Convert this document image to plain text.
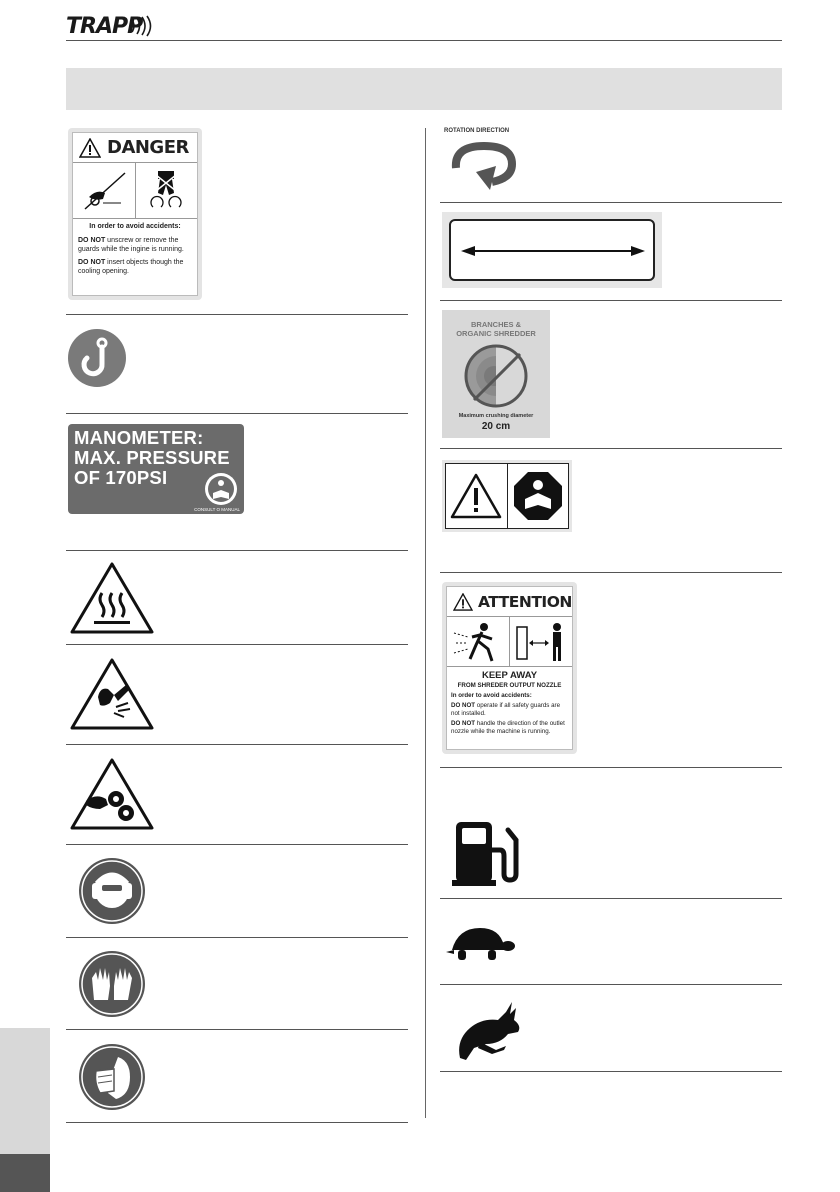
TRAPP
DANGER
In order to avoid accidents:

DO NOT unscrew or remove the guards while the ingine is running.

DO NOT insert objects though the cooling opening.

MANOMETER:
MAX. PRESSURE
OF 170PSI
CONSULT O MANUAL
ROTATION DIRECTION
BRANCHES &
ORGANIC SHREDDER
Maximum crushing diameter
20 cm
ATTENTION
KEEP AWAY
FROM SHREDER OUTPUT NOZZLE
In order to avoid accidents:

DO NOT operate if all safety guards are not installed.

DO NOT handle the direction of the outlet nozzle while the machine is running.
